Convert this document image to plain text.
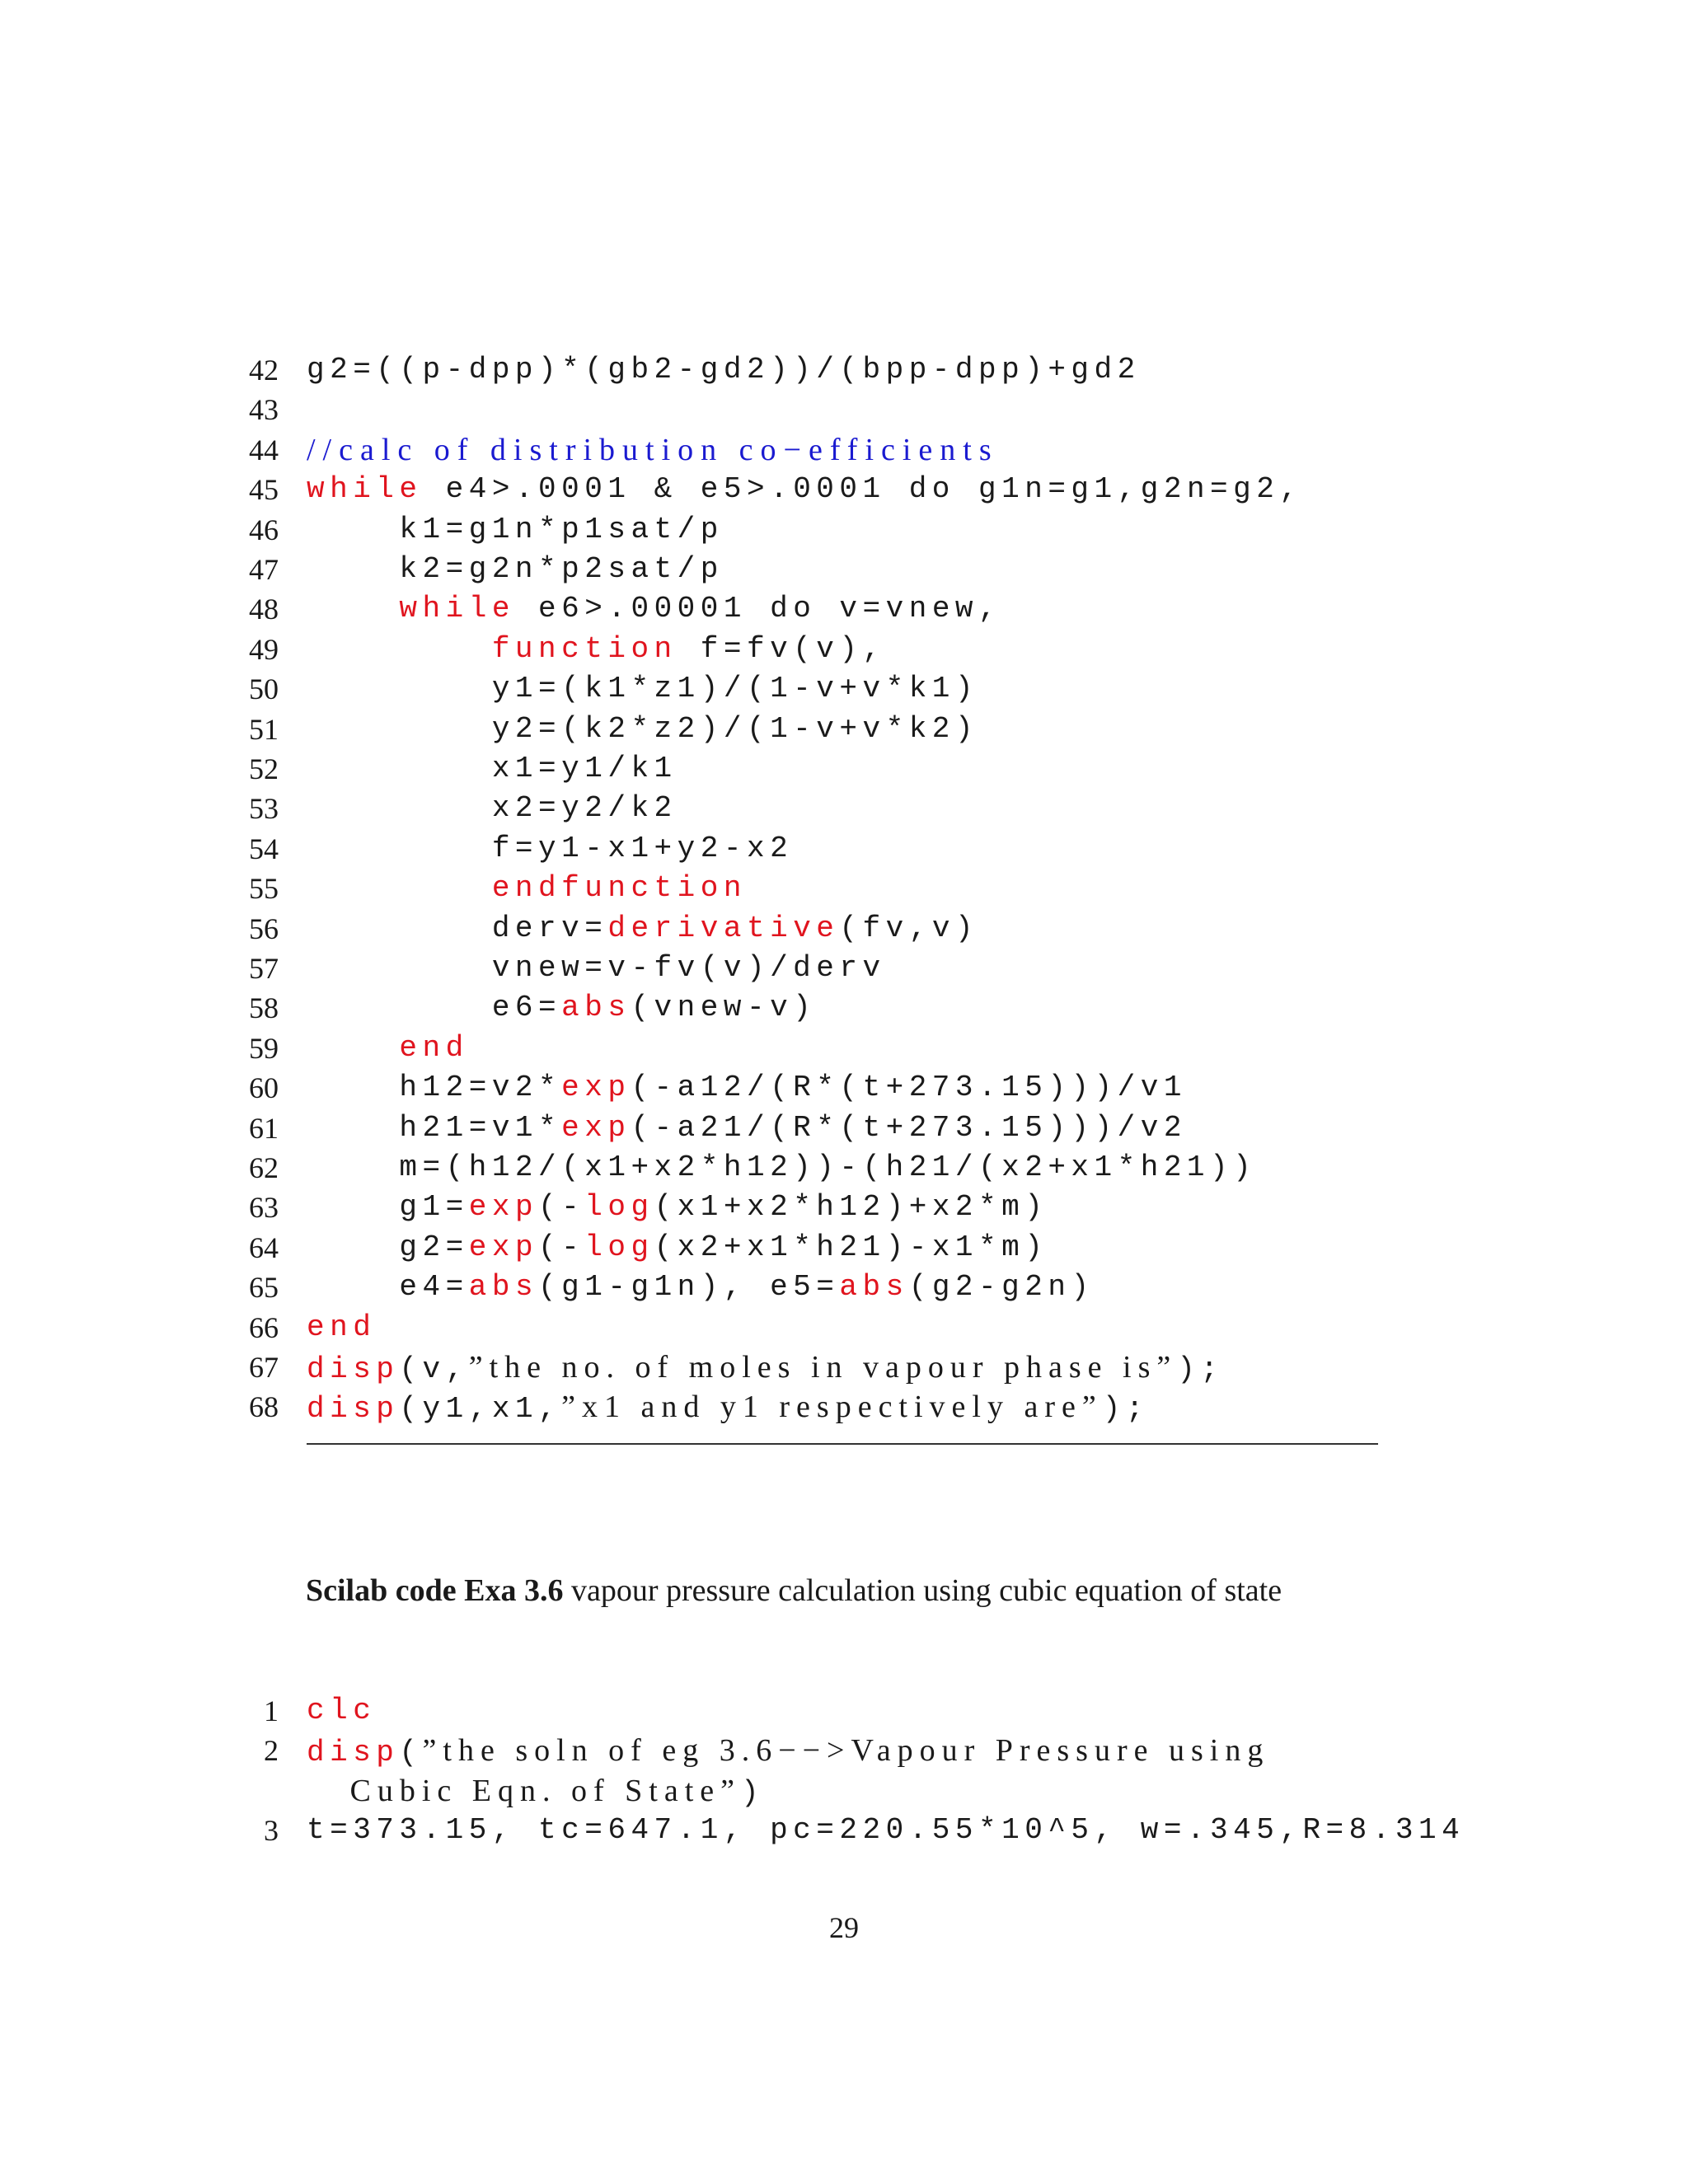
42 g2=((p-dpp)*(gb2-gd2))/(bpp-dpp)+gd2
43
44 //calc of distribution co−efficients
45 while e4>.0001 & e5>.0001 do g1n=g1,g2n=g2,
46 k1=g1n*p1sat/p
47 k2=g2n*p2sat/p
48	while e6>.00001 do v=vnew,
49	function f=fv(v),
50 y1=(k1*z1)/(1-v+v*k1)
51 y2=(k2*z2)/(1-v+v*k2)
52 x1=y1/k1
53 x2=y2/k2
54 f=y1-x1+y2-x2
55	endfunction
56 derv=derivative(fv,v)
57 vnew=v-fv(v)/derv
58 e6=abs(vnew-v)
59	end
60 h12=v2*exp(-a12/(R*(t+273.15)))/v1
61 h21=v1*exp(-a21/(R*(t+273.15)))/v2
62 m=(h12/(x1+x2*h12))-(h21/(x2+x1*h21))
63 g1=exp(-log(x1+x2*h12)+x2*m)
64 g2=exp(-log(x2+x1*h21)-x1*m)
65 e4=abs(g1-g1n), e5=abs(g2-g2n)
66 end
67 disp(v,”the no. of moles in vapour phase is”);
68 disp(y1,x1,”x1 and y1 respectively are”);
Scilab code Exa 3.6 vapour pressure calculation using cubic equation of state
1 clc
2 disp(”the soln of eg 3.6−−>Vapour Pressure using
Cubic Eqn. of State”)
3 t=373.15, tc=647.1, pc=220.55*10^5, w=.345,R=8.314
29
